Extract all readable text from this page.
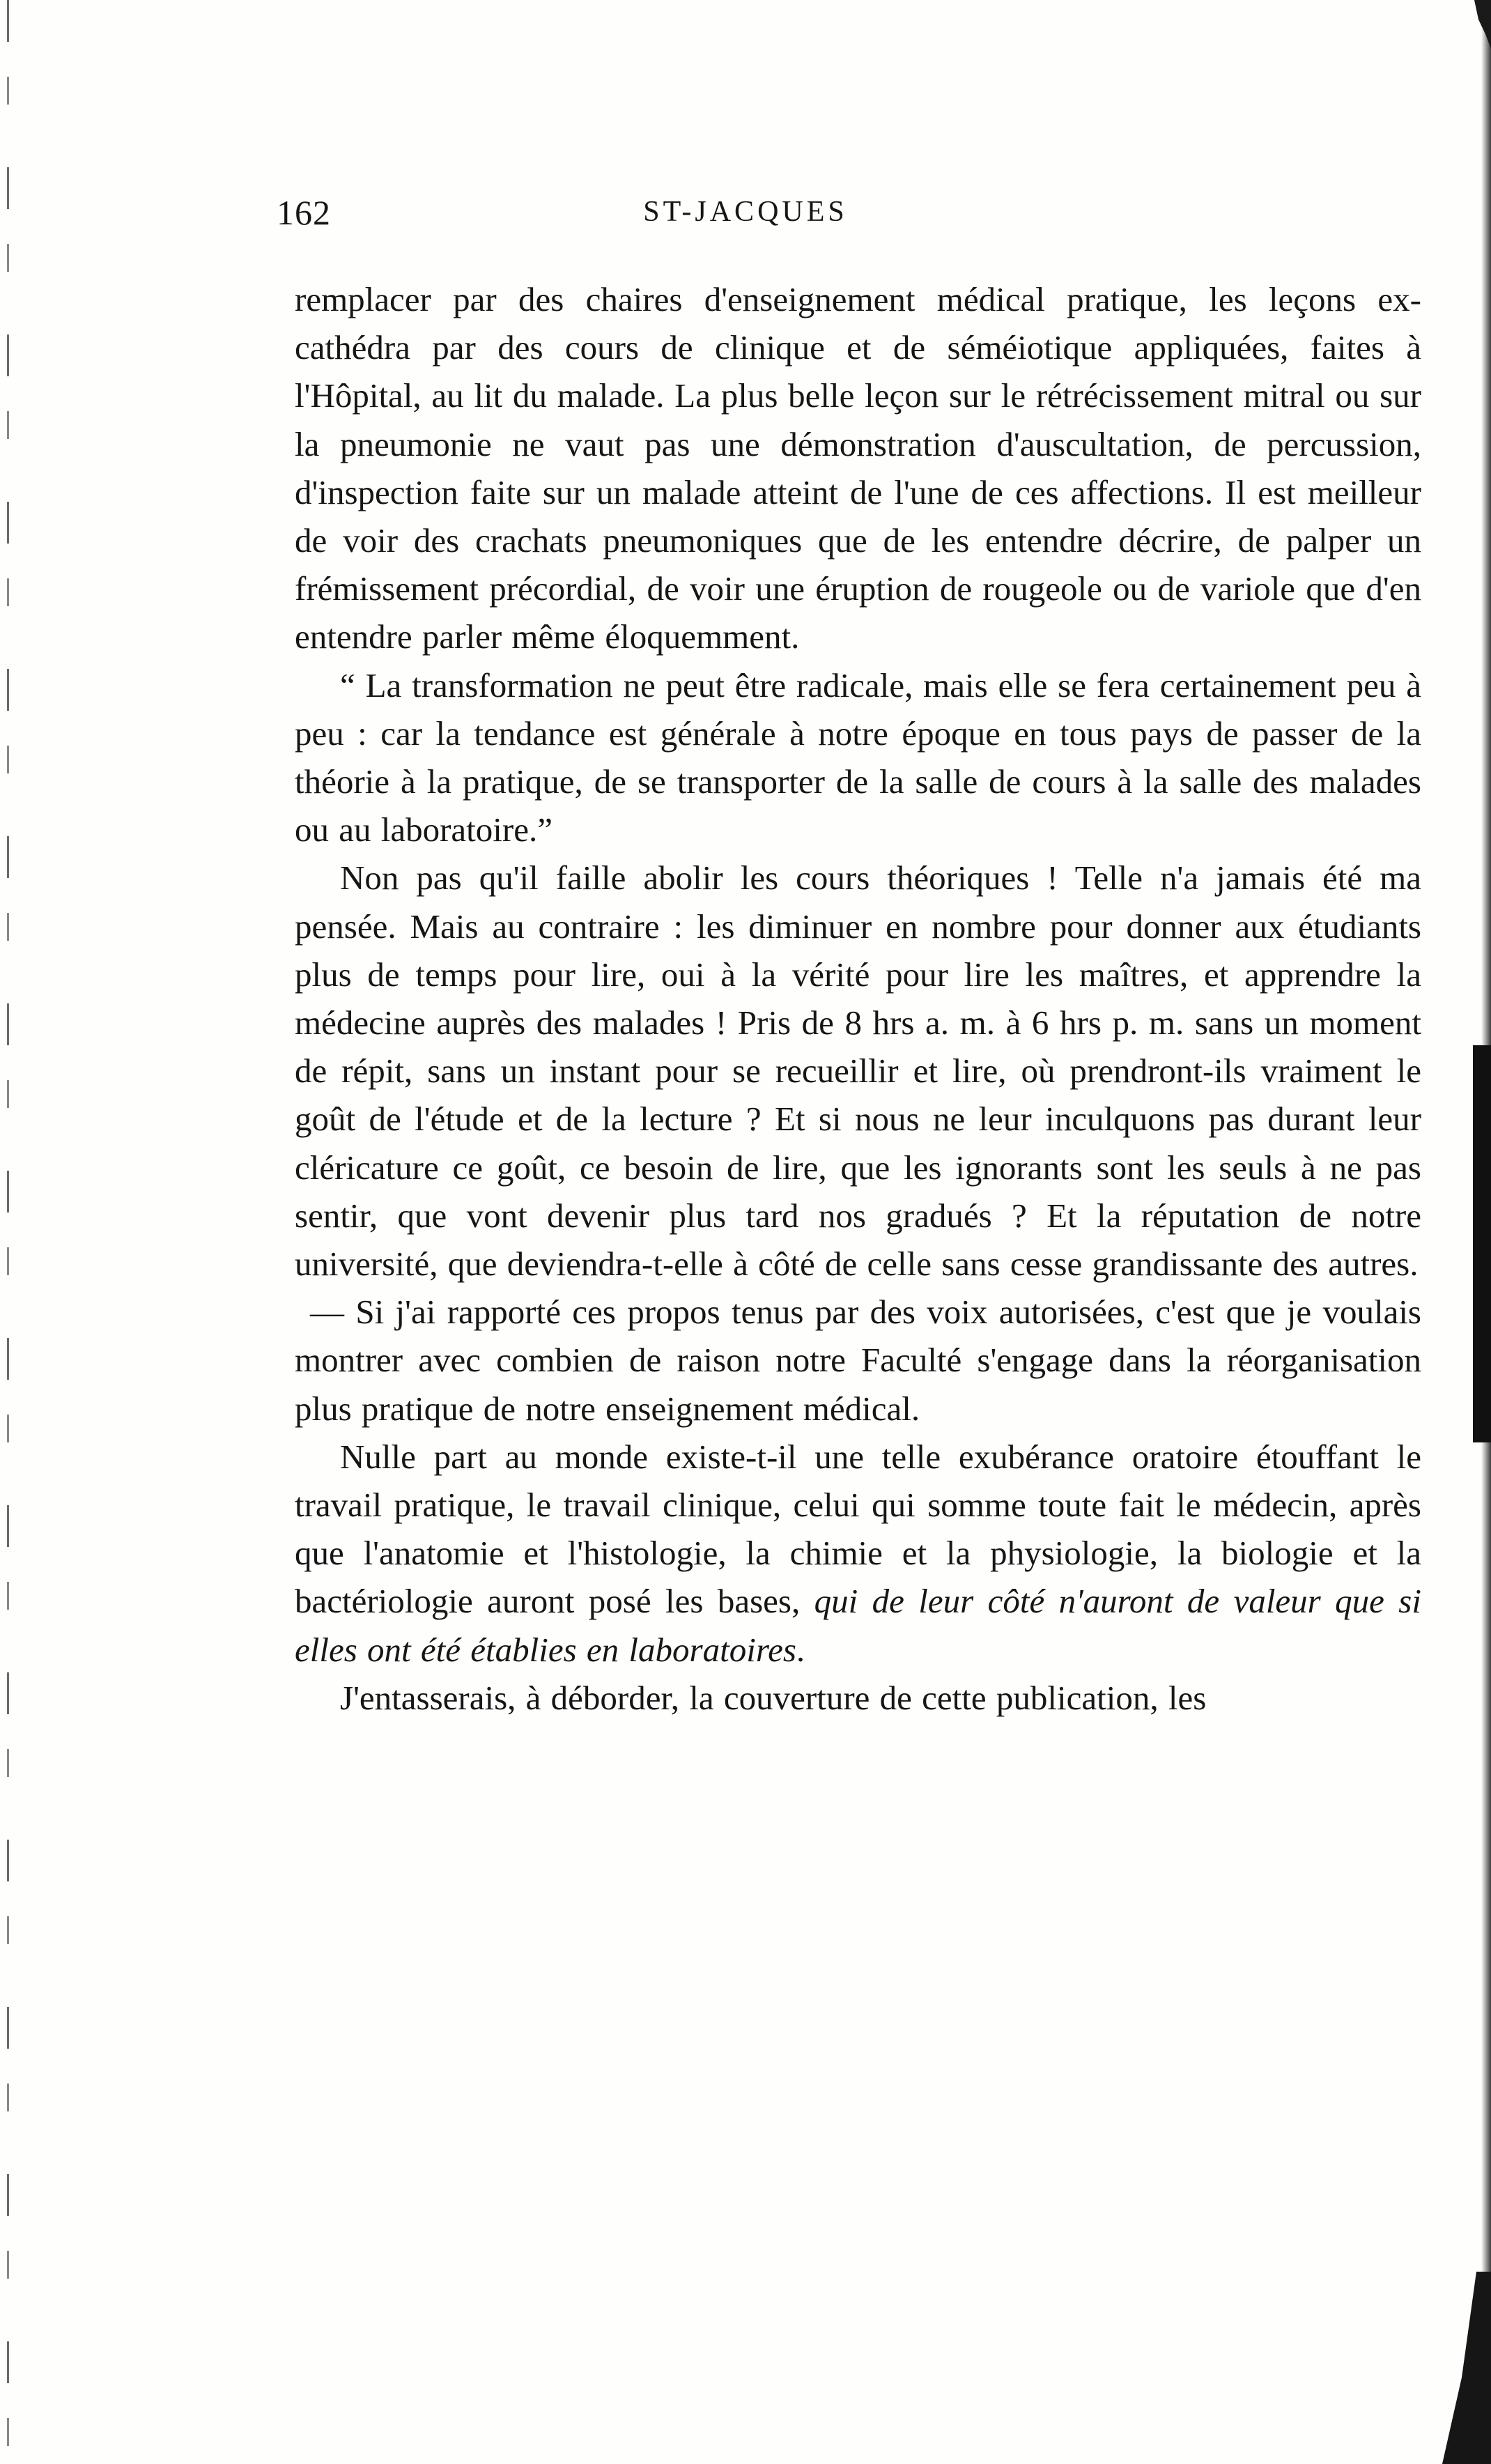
162	ST-JACQUES

remplacer par des chaires d'enseignement médical pratique, les leçons ex-cathédra par des cours de clinique et de séméiotique appliquées, faites à l'Hôpital, au lit du malade. La plus belle leçon sur le rétrécissement mitral ou sur la pneumonie ne vaut pas une démonstration d'auscultation, de percussion, d'inspection faite sur un malade atteint de l'une de ces affections. Il est meilleur de voir des crachats pneumoniques que de les entendre décrire, de palper un frémissement précordial, de voir une éruption de rougeole ou de variole que d'en entendre parler même éloquemment.

“ La transformation ne peut être radicale, mais elle se fera certainement peu à peu : car la tendance est générale à notre époque en tous pays de passer de la théorie à la pratique, de se transporter de la salle de cours à la salle des malades ou au laboratoire.”

Non pas qu'il faille abolir les cours théoriques ! Telle n'a jamais été ma pensée. Mais au contraire : les diminuer en nombre pour donner aux étudiants plus de temps pour lire, oui à la vérité pour lire les maîtres, et apprendre la médecine auprès des malades ! Pris de 8 hrs a. m. à 6 hrs p. m. sans un moment de répit, sans un instant pour se recueillir et lire, où prendront-ils vraiment le goût de l'étude et de la lecture ? Et si nous ne leur inculquons pas durant leur cléricature ce goût, ce besoin de lire, que les ignorants sont les seuls à ne pas sentir, que vont devenir plus tard nos gradués ? Et la réputation de notre université, que deviendra-t-elle à côté de celle sans cesse grandissante des autres.

— Si j'ai rapporté ces propos tenus par des voix autorisées, c'est que je voulais montrer avec combien de raison notre Faculté s'engage dans la réorganisation plus pratique de notre enseignement médical.

Nulle part au monde existe-t-il une telle exubérance oratoire étouffant le travail pratique, le travail clinique, celui qui somme toute fait le médecin, après que l'anatomie et l'histologie, la chimie et la physiologie, la biologie et la bactériologie auront posé les bases, qui de leur côté n'auront de valeur que si elles ont été établies en laboratoires.

J'entasserais, à déborder, la couverture de cette publication, les
